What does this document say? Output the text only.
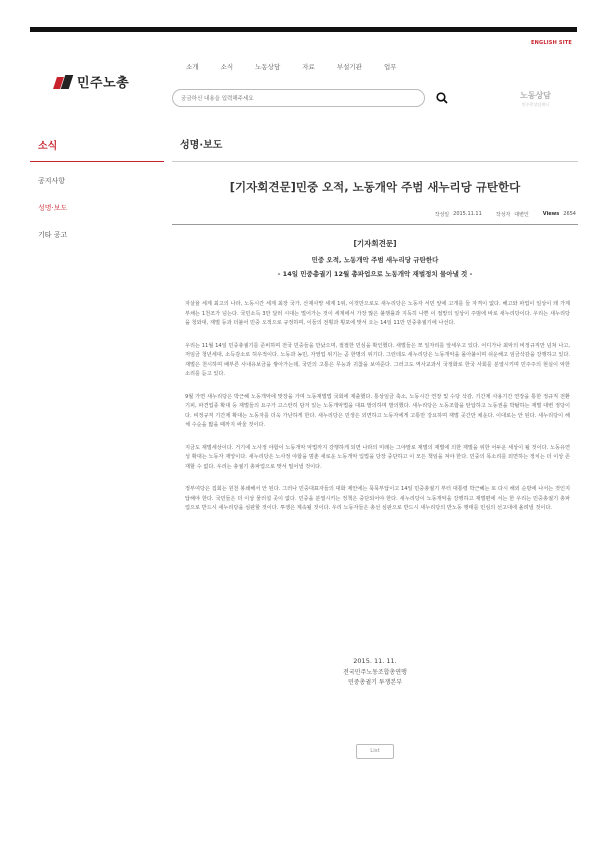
ENGLISH SITE
민주노총
소개	소식	노동상담	자료	부설기관	업무
궁금하신 내용을 입력해주세요	노동상담
민주총상담센터
소식
공지사항
성명·보도
기타 공고
성명·보도
[기자회견문]민중 오적, 노동개악 주범 새누리당 규탄한다
작성일 2015.11.11	작성자 대변인	Views 2654
[기자회견문]
민중 오적, 노동개악 주범 새누리당 규탄한다
- 14일 민중총궐기 12월 총파업으로 노동개악 재벌정치 물아낼 것 -

자살율 세계 최고의 나라, 노동시간 세계 최장 국가, 산재사망 세계 1위, 이것만으로도 새누리당은 노동자 서민 앞에 고개를 들 자격이 없다. 해고와 파업이 일상이 돼 가계부채는 1천조가 넘는다. 국민소득 3만 달러 시대는 멀어가는 것이 세계에서 가장 많은 불행률과 지독히 나쁜 이 절망의 일상이 주범에 바로 새누리당이다. 우리는 새누리당을 청와대, 재벌 등과 더불어 민중 오적으로 규정하며, 이들의 전횡과 횡포에 맞서 오는 14일 11만 민중총궐기에 나선다.

우리는 11월 14일 민중총궐기를 준비하며 전국 민중들을 만났으며, 절절한 민심을 확인했다. 새벌들은 쪼 일자리를 앞세우고 있다. 어디가나 최악의 비정규직만 넘쳐 나고, 저임금 청년세대, 소득감소로 허우적이다. 노동과 농민, 자영업 위기는 곧 한명의 위기다. 그런데도 새누리당은 노동개악을 몰아붙이며 쉬운해고 임금삭감을 강행하고 있다. 재벌은 천시하며 배부른 사내유보금을 쌓아가는데, 국민의 고통은 무능과 귀찮을 보여준다. 그러고도 역사교과서 국정화로 한국 사회를 분열시키며 민주주의 현실이 악한 소리를 듣고 있다.

9월 가면 새누리당은 박근혜 노동개악에 맞장을 가며 노동재벌법 국회에 제출했다. 통상임금 축소, 노동시간 연장 및 수당 삭감, 기간제 사용기간 연장을 통한 정규직 전환 기피, 파견업종 확대 등 재벌들의 요구가 고스란히 담겨 있는 노동개악법을 대표 발의하며 발의했다. 새누리당은 노동조합을 탄압하고 노동권을 박탈하는 재벌 대변 정당이다. 비정규직 기간제 확대는 노동자를 더욱 가난하게 한다. 새누리당은 민생은 외면하고 노동자에게 고통만 강요하며 재벌 곳간만 채운다. 이대로는 안 된다. 새누리당이 해체 수순을 밟을 때까지 싸울 것이다.

지금도 재벌세상이다. 거기에 노사정 야합이 노동개악 악법까지 강행하게 되면 나라의 미래는 그야말로 재벌의 재벌에 의한 재벌을 위한 어두운 세상이 될 것이다. 노동유연성 확대는 노동자 재앙이다. 새누리당은 노사정 야합을 멈춘 새로운 노동개악 입법을 당장 중단하고 이 모든 책임을 져야 한다. 민중의 목소리를 외면하는 정치는 더 이상 존재할 수 없다. 우리는 총궐기 총파업으로 맞서 밀어낼 것이다.

정부여당은 집회는 원천 봉쇄해서 안 된다. 그러나 민중대표자들의 대화 제안에는 묵묵부답이고 14일 민중총궐기 부터 대통령 박근혜는 또 다시 해외 순방에 나서는 것인지 답해야 한다. 국민들은 더 이상 물러설 곳이 없다. 민중을 분열시키는 정책은 중단되어야 한다. 새누리당이 노동개악을 강행하고 재벌편에 서는 한 우리는 민중총궐기 총파업으로 반드시 새누리당을 심판할 것이다. 투쟁은 계속될 것이다. 우리 노동자들은 총선 심판으로 반드시 새누리당의 반노동 행태를 민심의 선고대에 올려낼 것이다.

2015. 11. 11.
전국민주노동조합총연맹
민중총궐기 투쟁본부
List
